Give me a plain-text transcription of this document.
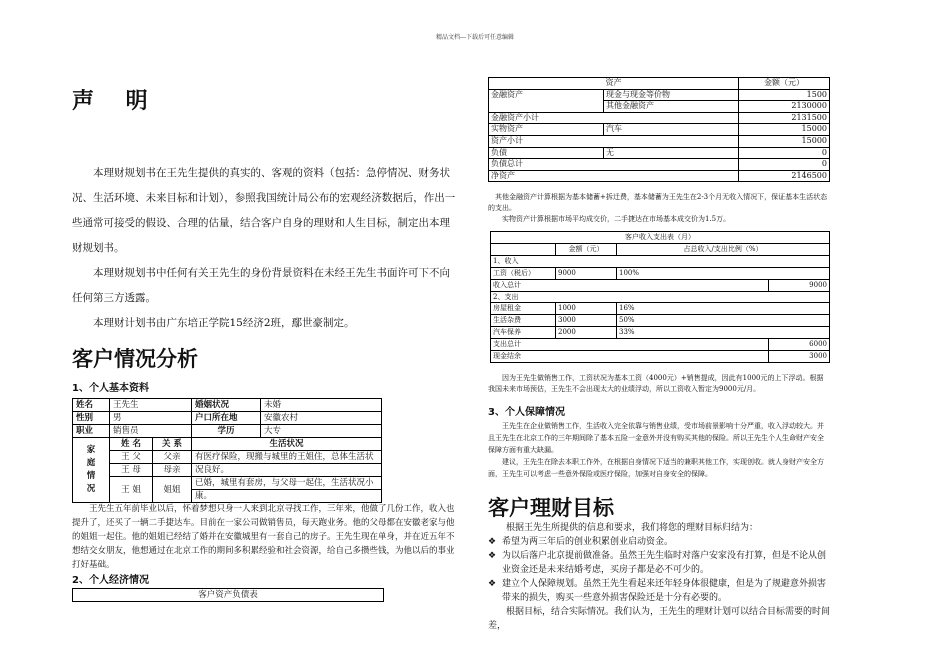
精品文档---下载后可任意编辑
声 明

本理财规划书在王先生提供的真实的、客观的资料（包括：急停情况、财务状况、生活环境、未来目标和计划），参照我国统计局公布的宏观经济数据后，作出一些通常可接受的假设、合理的估量，结合客户自身的理财和人生目标，制定出本理财规划书。

本理财规划书中任何有关王先生的身份背景资料在未经王先生书面许可下不向任何第三方透露。

本理财计划书由广东培正学院15经济2班，鄢世豪制定。

客户情况分析
1、个人基本资料
姓名	王先生		婚姻状况	未婚
性别	男		户口所在地	安徽农村
职业	销售员		学历	大专

家
庭
情
况	姓 名	关 系	生活状况	
	王 父	父亲	有医疗保险，现搬与城里的王姐住，总体生活状	
	王 母	母亲	况良好。	
	王 姐	姐姐	已婚，城里有套房，与父母一起住，生活状况小	
			康。	

王先生五年前毕业以后，怀着梦想只身一人来到北京寻找工作，三年来，他做了几份工作，收入也提升了，还买了一辆二手捷达车。目前在一家公司做销售员，每天跑业务。他的父母都在安徽老家与他的姐姐一起住。他的姐姐已经结了婚并在安徽城里有一套自己的房子。王先生现在单身，并在近五年不想结交女朋友，他想通过在北京工作的期间多积累经验和社会资源，给自己多攒些钱，为他以后的事业打好基础。

2、个人经济情况
客户资产负债表
资产		金额（元）
金融资产	现金与现金等价物	1500
	其他金融资产	2130000
金融资产小计		2131500
实物资产	汽车	15000
资产小计		15000
负债	无	0
负债总计		0
净资产		2146500

其他金融资产计算根据为基本储蓄+拆迁费，基本储蓄为王先生在2-3个月无收入情况下，保证基本生活状态的支出。

实物资产计算根据市场平均成交价，二手捷达在市场基本成交价为1.5万。

客户收入支出表（月）			
	金额（元）	占总收入/支出比例（%）	
1、收入			
工资（税后）	9000	100%	
收入总计			9000
2、支出			
房屋租金	1000	16%	
生活杂费	3000	50%	
汽车保养	2000	33%	
支出总计			6000
现金结余			3000

因为王先生做销售工作，工资状况为基本工资（4000元）+销售提成，因此有1000元的上下浮动。根据我国未来市场预估，王先生不会出现太大的业绩浮动，所以工资收入暂定为9000元/月。

3、个人保障情况

王先生在企业做销售工作，生活收入完全依靠与销售业绩，受市场前景影响十分严重，收入浮动较大。并且王先生在北京工作的三年期间除了基本五险一金意外并没有购买其他的保险。所以王先生个人生命财产安全保障方面有重大缺漏。

建议，王先生在除去本职工作外，在根据自身情况下适当的兼职其他工作，实现创收。就人身财产安全方面，王先生可以考虑一些意外保险或医疗保险，加强对自身安全的保障。

客户理财目标

根据王先生所提供的信息和要求，我们将您的理财目标归结为：

❖ 希望为两三年后的创业积累创业启动资金。
❖ 为以后落户北京提前做准备。虽然王先生临时对落户安家没有打算，但是不论从创业资金还是未来结婚考虑，买房子都是必不可少的。
❖ 建立个人保障规划。虽然王先生看起来还年轻身体很健康，但是为了规避意外损害带来的损失，购买一些意外损害保险还是十分有必要的。

根据目标，结合实际情况。我们认为，王先生的理财计划可以结合目标需要的时间差，
